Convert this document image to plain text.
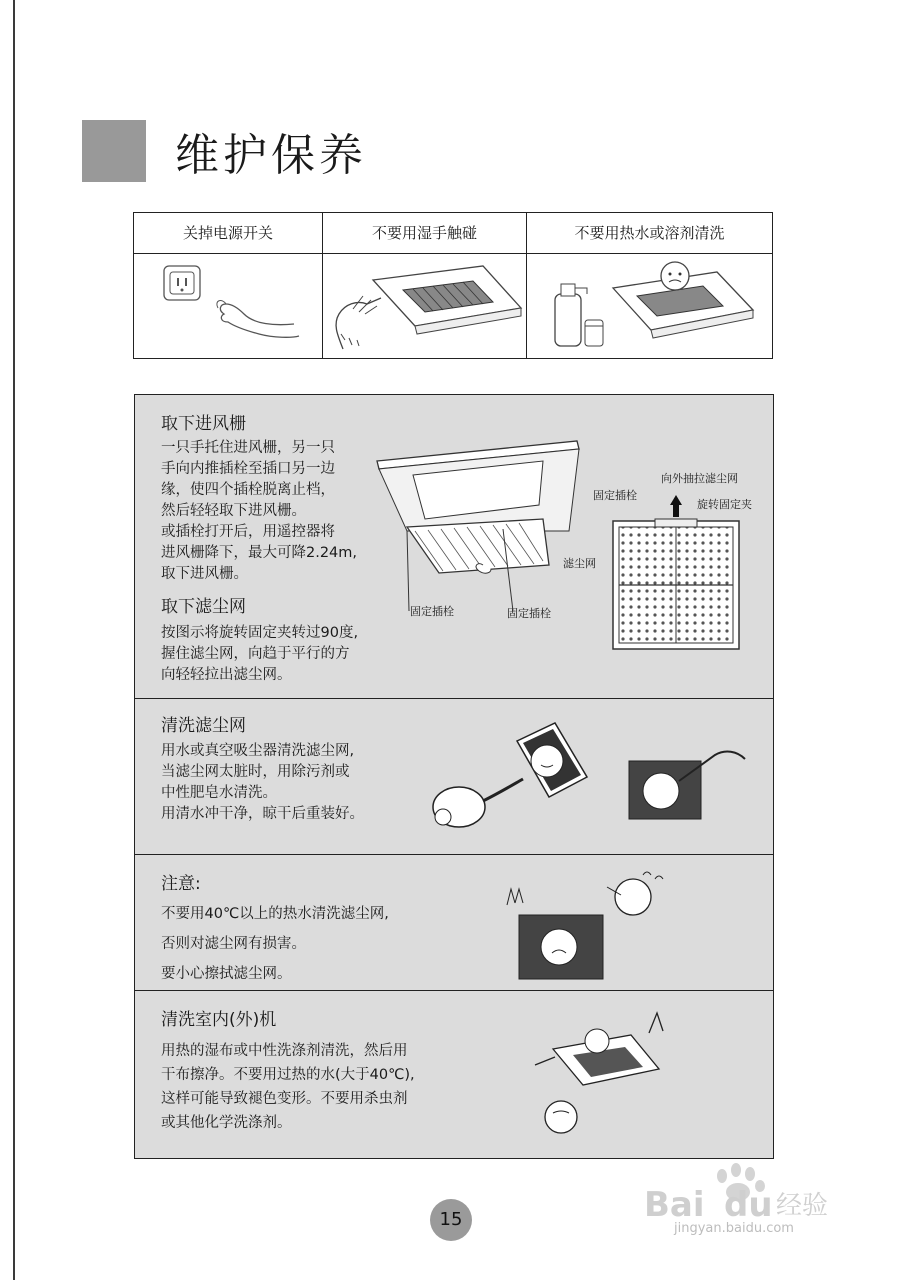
维护保养
关掉电源开关	不要用湿手触碰	不要用热水或溶剂清洗
取下进风栅
一只手托住进风栅，另一只
手向内推插栓至插口另一边
缘，使四个插栓脱离止档，
然后轻轻取下进风栅。
或插栓打开后，用遥控器将
进风栅降下，最大可降2.24m,
取下进风栅。
取下滤尘网
按图示将旋转固定夹转过90度,
握住滤尘网，向趋于平行的方
向轻轻拉出滤尘网。
固定插栓	固定插栓
向外抽拉滤尘网
固定插栓
旋转固定夹
滤尘网
清洗滤尘网
用水或真空吸尘器清洗滤尘网,
当滤尘网太脏时，用除污剂或
中性肥皂水清洗。
用清水冲干净，晾干后重装好。
注意:
不要用40℃以上的热水清洗滤尘网,
否则对滤尘网有损害。
要小心擦拭滤尘网。
清洗室内(外)机
用热的湿布或中性洗涤剂清洗，然后用
干布擦净。不要用过热的水(大于40℃),
这样可能导致褪色变形。不要用杀虫剂
或其他化学洗涤剂。
15	Bai du 经验
jingyan.baidu.com
